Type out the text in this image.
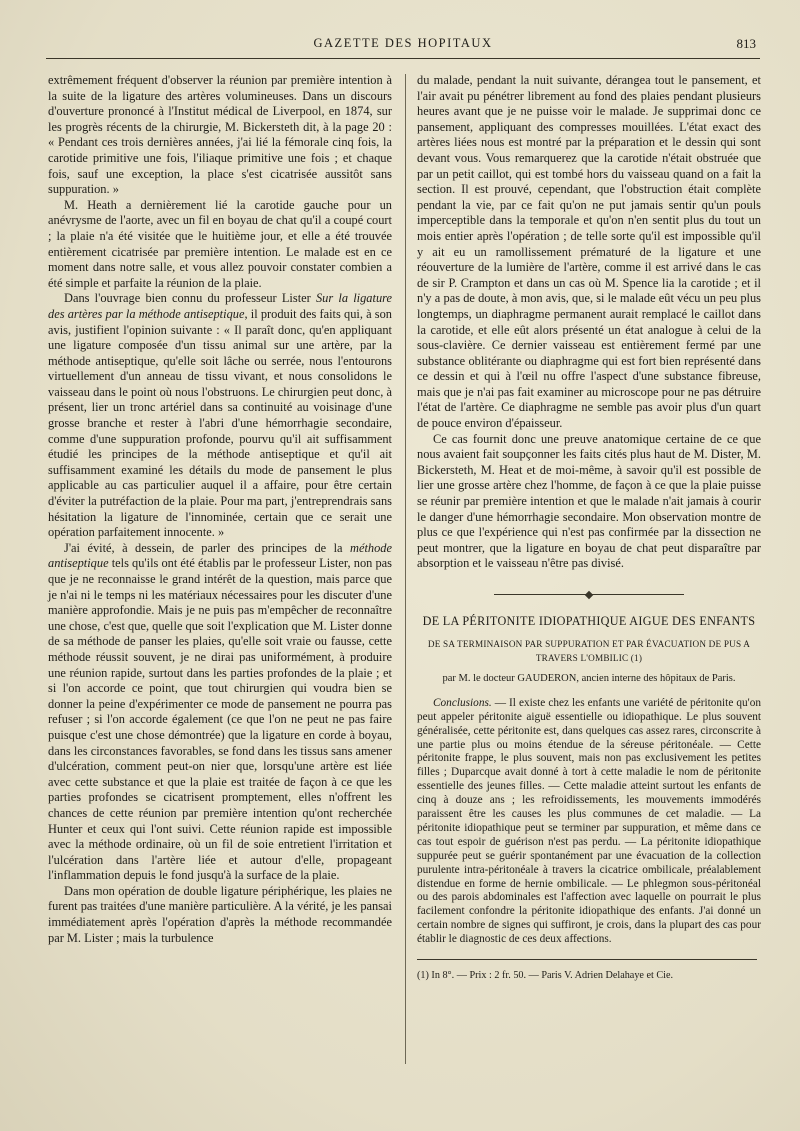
GAZETTE DES HOPITAUX	813

extrêmement fréquent d'observer la réunion par première intention à la suite de la ligature des artères volumineuses. Dans un discours d'ouverture prononcé à l'Institut médical de Liverpool, en 1874, sur les progrès récents de la chirurgie, M. Bickersteth dit, à la page 20 : « Pendant ces trois dernières années, j'ai lié la fémorale cinq fois, la carotide primitive une fois, l'iliaque primitive une fois ; et chaque fois, sauf une exception, la place s'est cicatrisée aussitôt sans suppuration. »

M. Heath a dernièrement lié la carotide gauche pour un anévrysme de l'aorte, avec un fil en boyau de chat qu'il a coupé court ; la plaie n'a été visitée que le huitième jour, et elle a été trouvée entièrement cicatrisée par première intention. Le malade est en ce moment dans notre salle, et vous allez pouvoir constater combien a été simple et parfaite la réunion de la plaie.

Dans l'ouvrage bien connu du professeur Lister Sur la ligature des artères par la méthode antiseptique, il produit des faits qui, à son avis, justifient l'opinion suivante : « Il paraît donc, qu'en appliquant une ligature composée d'un tissu animal sur une artère, par la méthode antiseptique, qu'elle soit lâche ou serrée, nous l'entourons virtuellement d'un anneau de tissu vivant, et nous consolidons le vaisseau dans le point où nous l'obstruons. Le chirurgien peut donc, à présent, lier un tronc artériel dans sa continuité au voisinage d'une grosse branche et rester à l'abri d'une hémorrhagie secondaire, comme d'une suppuration profonde, pourvu qu'il ait suffisamment étudié les principes de la méthode antiseptique et qu'il ait suffisamment examiné les détails du mode de pansement le plus applicable au cas particulier auquel il a affaire, pour être certain d'éviter la putréfaction de la plaie. Pour ma part, j'entreprendrais sans hésitation la ligature de l'innominée, certain que ce serait une opération parfaitement innocente. »

J'ai évité, à dessein, de parler des principes de la méthode antiseptique tels qu'ils ont été établis par le professeur Lister, non pas que je ne reconnaisse le grand intérêt de la question, mais parce que je n'ai ni le temps ni les matériaux nécessaires pour les discuter d'une manière approfondie. Mais je ne puis pas m'empêcher de reconnaître une chose, c'est que, quelle que soit l'explication que M. Lister donne de sa méthode de panser les plaies, qu'elle soit vraie ou fausse, cette méthode réussit souvent, je ne dirai pas uniformément, à produire une réunion rapide, surtout dans les parties profondes de la plaie ; et si l'on accorde ce point, que tout chirurgien qui voudra bien se donner la peine d'expérimenter ce mode de pansement ne pourra pas refuser ; si l'on accorde également (ce que l'on ne peut ne pas faire puisque c'est une chose démontrée) que la ligature en corde à boyau, dans les circonstances favorables, se fond dans les tissus sans amener d'ulcération, comment peut-on nier que, lorsqu'une artère est liée avec cette substance et que la plaie est traitée de façon à ce que les parties profondes se cicatrisent promptement, elles n'offrent les chances de cette réunion par première intention qu'ont recherchée Hunter et ceux qui l'ont suivi. Cette réunion rapide est impossible avec la méthode ordinaire, où un fil de soie entretient l'irritation et l'ulcération dans l'artère liée et autour d'elle, propageant l'inflammation depuis le fond jusqu'à la surface de la plaie.

Dans mon opération de double ligature périphérique, les plaies ne furent pas traitées d'une manière particulière. A la vérité, je les pansai immédiatement après l'opération d'après la méthode recommandée par M. Lister ; mais la turbulence

du malade, pendant la nuit suivante, dérangea tout le pansement, et l'air avait pu pénétrer librement au fond des plaies pendant plusieurs heures avant que je ne puisse voir le malade. Je supprimai donc ce pansement, appliquant des compresses mouillées. L'état exact des artères liées nous est montré par la préparation et le dessin qui sont devant vous. Vous remarquerez que la carotide n'était obstruée que par un petit caillot, qui est tombé hors du vaisseau quand on a fait la section. Il est prouvé, cependant, que l'obstruction était complète pendant la vie, par ce fait qu'on ne put jamais sentir qu'un pouls imperceptible dans la temporale et qu'on n'en sentit plus du tout un mois entier après l'opération ; de telle sorte qu'il est impossible qu'il y ait eu un ramollissement prématuré de la ligature et une réouverture de la lumière de l'artère, comme il est arrivé dans le cas de sir P. Crampton et dans un cas où M. Spence lia la carotide ; et il n'y a pas de doute, à mon avis, que, si le malade eût vécu un peu plus longtemps, un diaphragme permanent aurait remplacé le caillot dans la carotide, et elle eût alors présenté un état analogue à celui de la sous-clavière. Ce dernier vaisseau est entièrement fermé par une substance oblitérante ou diaphragme qui est fort bien représenté dans ce dessin et qui à l'œil nu offre l'aspect d'une substance fibreuse, mais que je n'ai pas fait examiner au microscope pour ne pas détruire l'état de l'artère. Ce diaphragme ne semble pas avoir plus d'un quart de pouce environ d'épaisseur.

Ce cas fournit donc une preuve anatomique certaine de ce que nous avaient fait soupçonner les faits cités plus haut de M. Dister, M. Bickersteth, M. Heat et de moi-même, à savoir qu'il est possible de lier une grosse artère chez l'homme, de façon à ce que la plaie puisse se réunir par première intention et que le malade n'ait jamais à courir le danger d'une hémorrhagie secondaire. Mon observation montre de plus ce que l'expérience qui n'est pas confirmée par la dissection ne peut montrer, que la ligature en boyau de chat peut disparaître par absorption et le vaisseau n'être pas divisé.

DE LA PÉRITONITE IDIOPATHIQUE AIGUE DES ENFANTS
DE SA TERMINAISON PAR SUPPURATION ET PAR ÉVACUATION DE PUS A TRAVERS L'OMBILIC (1)
par M. le docteur GAUDERON, ancien interne des hôpitaux de Paris.

Conclusions. — Il existe chez les enfants une variété de péritonite qu'on peut appeler péritonite aiguë essentielle ou idiopathique. Le plus souvent généralisée, cette péritonite est, dans quelques cas assez rares, circonscrite à une partie plus ou moins étendue de la séreuse péritonéale. — Cette péritonite frappe, le plus souvent, mais non pas exclusivement les petites filles ; Duparcque avait donné à tort à cette maladie le nom de péritonite essentielle des jeunes filles. — Cette maladie atteint surtout les enfants de cinq à douze ans ; les refroidissements, les mouvements immodérés paraissent être les causes les plus communes de cet maladie. — La péritonite idiopathique peut se terminer par suppuration, et même dans ce cas tout espoir de guérison n'est pas perdu. — La péritonite idiopathique suppurée peut se guérir spontanément par une évacuation de la collection purulente intra-péritonéale à travers la cicatrice ombilicale, préalablement distendue en forme de hernie ombilicale. — Le phlegmon sous-péritonéal ou des parois abdominales est l'affection avec laquelle on pourrait le plus facilement confondre la péritonite idiopathique des enfants. J'ai donné un certain nombre de signes qui suffiront, je crois, dans la plupart des cas pour établir le diagnostic de ces deux affections.

(1) In 8°. — Prix : 2 fr. 50. — Paris V. Adrien Delahaye et Cie.
